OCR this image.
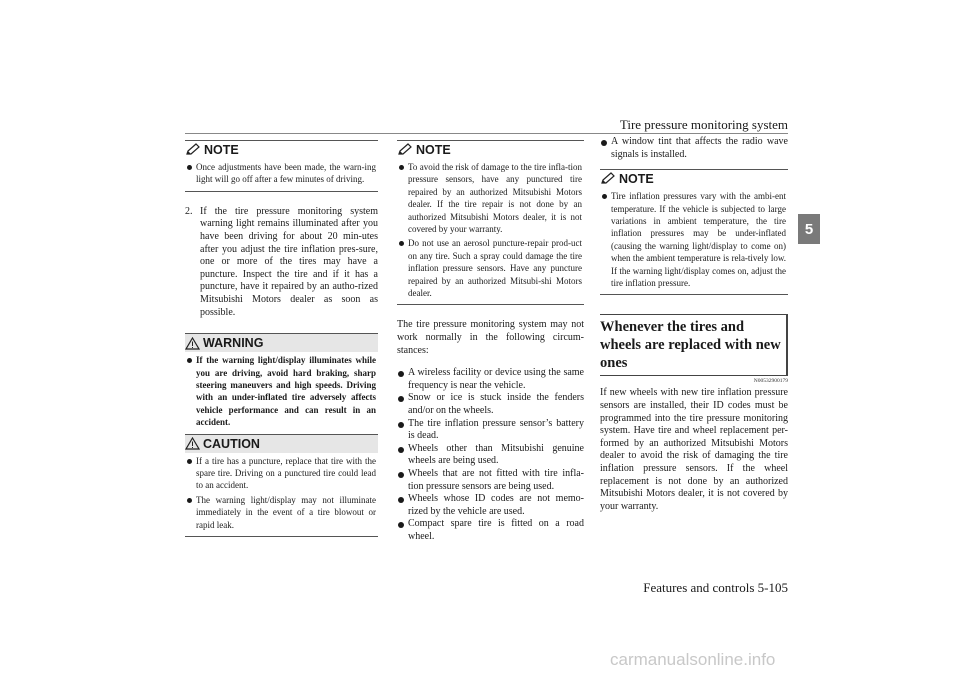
Tire pressure monitoring system
5
NOTE
Once adjustments have been made, the warn-ing light will go off after a few minutes of driving.
2. If the tire pressure monitoring system warning light remains illuminated after you have been driving for about 20 min-utes after you adjust the tire inflation pres-sure, one or more of the tires may have a puncture. Inspect the tire and if it has a puncture, have it repaired by an autho-rized Mitsubishi Motors dealer as soon as possible.
WARNING
If the warning light/display illuminates while you are driving, avoid hard braking, sharp steering maneuvers and high speeds. Driving with an under-inflated tire adversely affects vehicle performance and can result in an accident.
CAUTION
If a tire has a puncture, replace that tire with the spare tire. Driving on a punctured tire could lead to an accident.
The warning light/display may not illuminate immediately in the event of a tire blowout or rapid leak.
NOTE
To avoid the risk of damage to the tire infla-tion pressure sensors, have any punctured tire repaired by an authorized Mitsubishi Motors dealer. If the tire repair is not done by an authorized Mitsubishi Motors dealer, it is not covered by your warranty.
Do not use an aerosol puncture-repair prod-uct on any tire. Such a spray could damage the tire inflation pressure sensors. Have any puncture repaired by an authorized Mitsubi-shi Motors dealer.
The tire pressure monitoring system may not work normally in the following circum-stances:
A wireless facility or device using the same frequency is near the vehicle.
Snow or ice is stuck inside the fenders and/or on the wheels.
The tire inflation pressure sensor’s battery is dead.
Wheels other than Mitsubishi genuine wheels are being used.
Wheels that are not fitted with tire infla-tion pressure sensors are being used.
Wheels whose ID codes are not memo-rized by the vehicle are used.
Compact spare tire is fitted on a road wheel.
A window tint that affects the radio wave signals is installed.
NOTE
Tire inflation pressures vary with the ambi-ent temperature. If the vehicle is subjected to large variations in ambient temperature, the tire inflation pressures may be under-inflated (causing the warning light/display to come on) when the ambient temperature is rela-tively low. If the warning light/display comes on, adjust the tire inflation pressure.
Whenever the tires and wheels are replaced with new ones
N00532900179
If new wheels with new tire inflation pressure sensors are installed, their ID codes must be programmed into the tire pressure monitoring system. Have tire and wheel replacement per-formed by an authorized Mitsubishi Motors dealer to avoid the risk of damaging the tire inflation pressure sensors. If the wheel replacement is not done by an authorized Mitsubishi Motors dealer, it is not covered by your warranty.
Features and controls 5-105
carmanualsonline.info
